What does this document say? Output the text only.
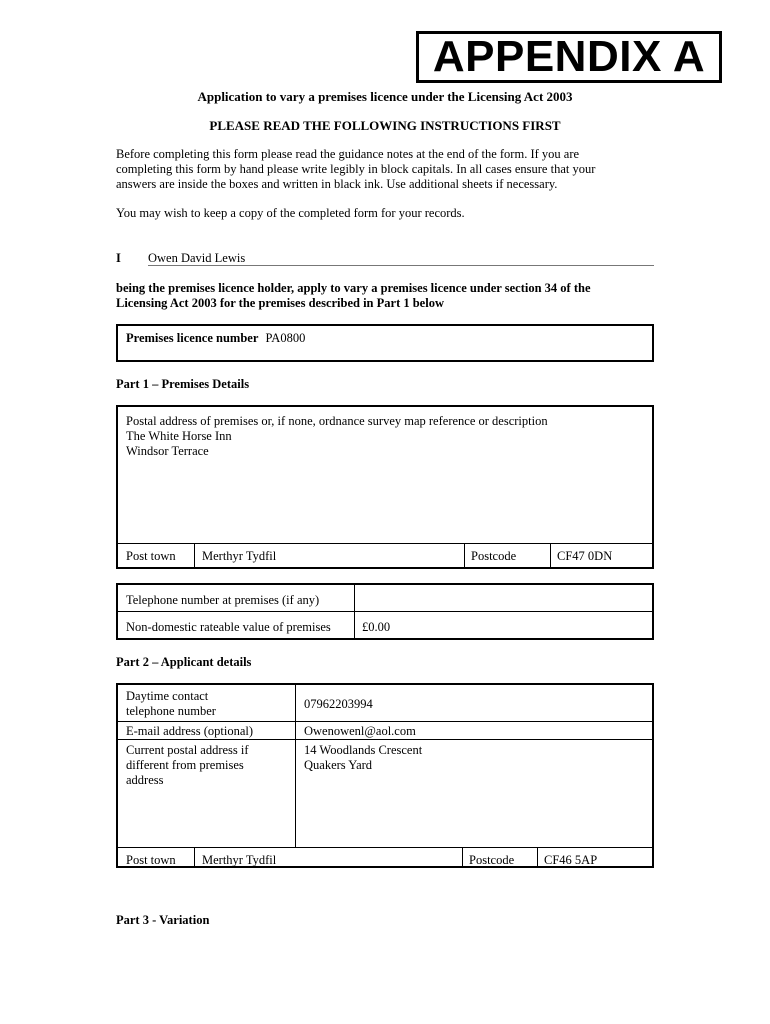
APPENDIX A
Application to vary a premises licence under the Licensing Act 2003
PLEASE READ THE FOLLOWING INSTRUCTIONS FIRST
Before completing this form please read the guidance notes at the end of the form. If you are
completing this form by hand please write legibly in block capitals. In all cases ensure that your
answers are inside the boxes and written in black ink. Use additional sheets if necessary.
You may wish to keep a copy of the completed form for your records.
I Owen David Lewis
being the premises licence holder, apply to vary a premises licence under section 34 of the
Licensing Act 2003 for the premises described in Part 1 below
Premises licence number PA0800
Part 1 – Premises Details
Postal address of premises or, if none, ordnance survey map reference or description
The White Horse Inn
Windsor Terrace
Post town	Merthyr Tydfil	Postcode	CF47 0DN
Telephone number at premises (if any)
Non-domestic rateable value of premises	£0.00
Part 2 – Applicant details
Daytime contact
telephone number	07962203994
E-mail address (optional)	Owenowenl@aol.com
Current postal address if
different from premises
address
14 Woodlands Crescent
Quakers Yard
Post town	Merthyr Tydfil	Postcode	CF46 5AP
Part 3 - Variation
